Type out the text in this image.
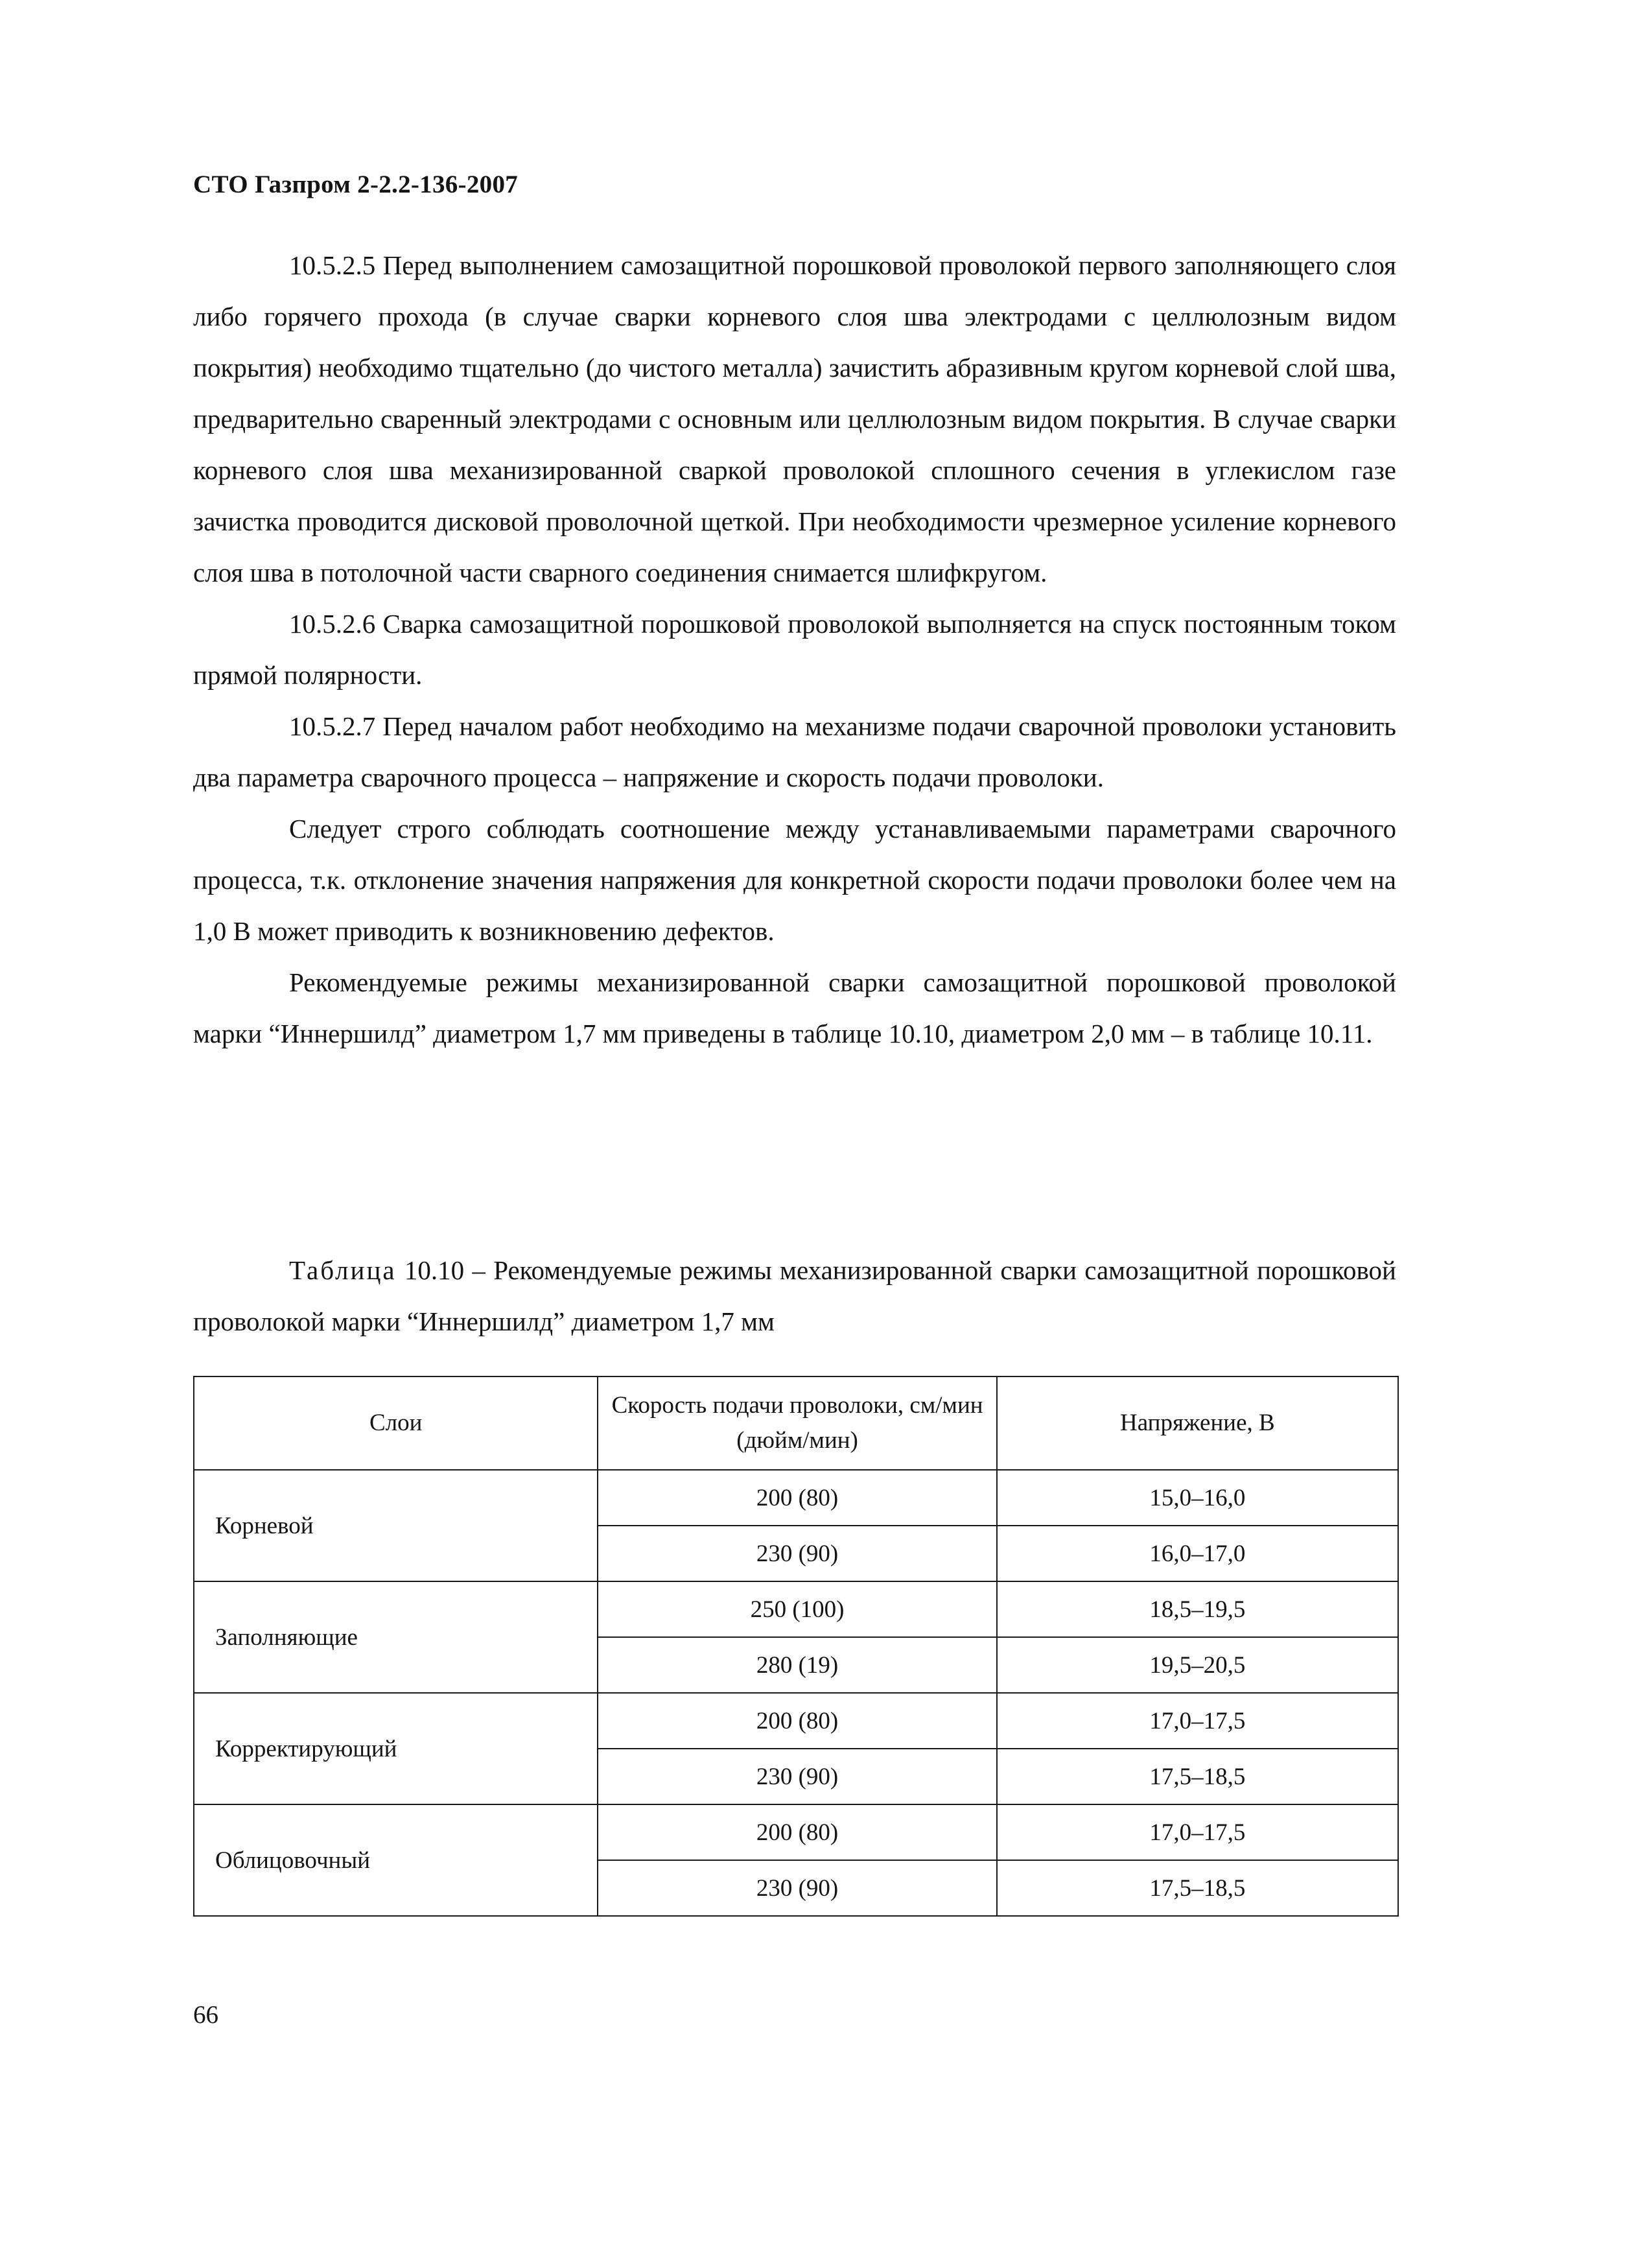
СТО Газпром 2-2.2-136-2007

10.5.2.5 Перед выполнением самозащитной порошковой проволокой первого заполняющего слоя либо горячего прохода (в случае сварки корневого слоя шва электродами с целлюлозным видом покрытия) необходимо тщательно (до чистого металла) зачистить абразивным кругом корневой слой шва, предварительно сваренный электродами с основным или целлюлозным видом покрытия. В случае сварки корневого слоя шва механизированной сваркой проволокой сплошного сечения в углекислом газе зачистка проводится дисковой проволочной щеткой. При необходимости чрезмерное усиление корневого слоя шва в потолочной части сварного соединения снимается шлифкругом.

10.5.2.6 Сварка самозащитной порошковой проволокой выполняется на спуск постоянным током прямой полярности.

10.5.2.7 Перед началом работ необходимо на механизме подачи сварочной проволоки установить два параметра сварочного процесса – напряжение и скорость подачи проволоки.

Следует строго соблюдать соотношение между устанавливаемыми параметрами сварочного процесса, т.к. отклонение значения напряжения для конкретной скорости подачи проволоки более чем на 1,0 В может приводить к возникновению дефектов.

Рекомендуемые режимы механизированной сварки самозащитной порошковой проволокой марки “Иннершилд” диаметром 1,7 мм приведены в таблице 10.10, диаметром 2,0 мм – в таблице 10.11.

Таблица 10.10 – Рекомендуемые режимы механизированной сварки самозащитной порошковой проволокой марки “Иннершилд” диаметром 1,7 мм

Слои	Скорость подачи проволоки, см/мин (дюйм/мин)	Напряжение, В
Корневой	200 (80)	15,0–16,0
	230 (90)	16,0–17,0
Заполняющие	250 (100)	18,5–19,5
	280 (19)	19,5–20,5
Корректирующий	200 (80)	17,0–17,5
	230 (90)	17,5–18,5
Облицовочный	200 (80)	17,0–17,5
	230 (90)	17,5–18,5
66
